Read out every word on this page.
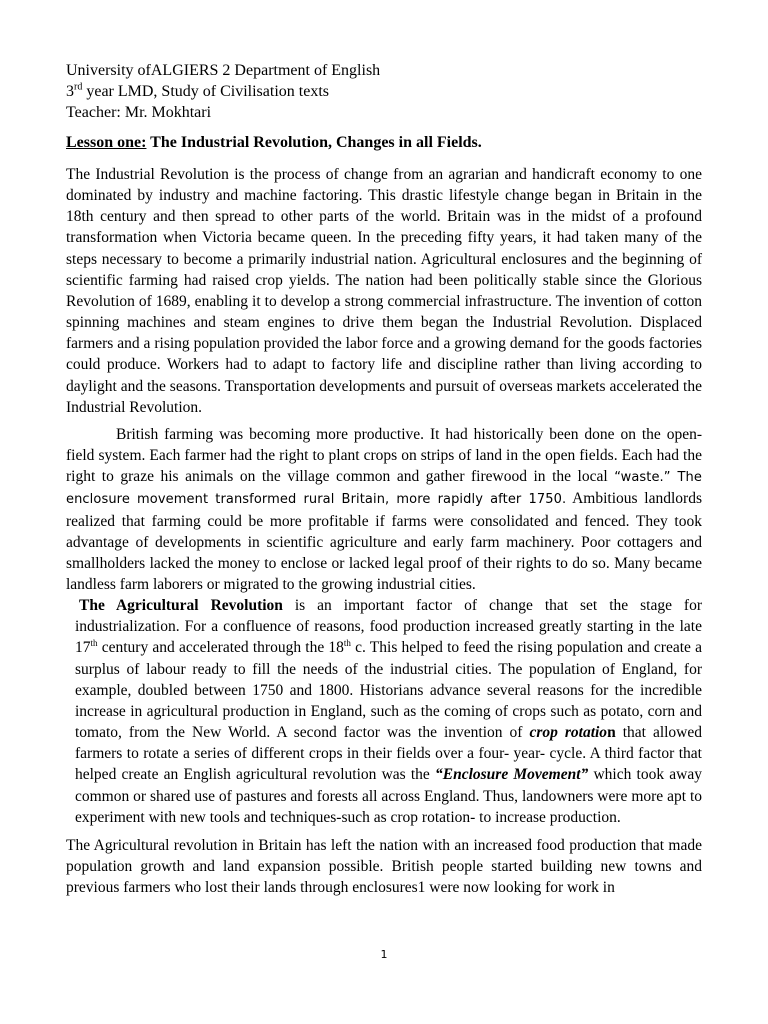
University ofALGIERS 2 Department of English

3rd year LMD, Study of Civilisation texts

Teacher: Mr. Mokhtari

Lesson one: The Industrial Revolution, Changes in all Fields.

The Industrial Revolution is the process of change from an agrarian and handicraft economy to one dominated by industry and machine factoring. This drastic lifestyle change began in Britain in the 18th century and then spread to other parts of the world. Britain was in the midst of a profound transformation when Victoria became queen. In the preceding fifty years, it had taken many of the steps necessary to become a primarily industrial nation. Agricultural enclosures and the beginning of scientific farming had raised crop yields. The nation had been politically stable since the Glorious Revolution of 1689, enabling it to develop a strong commercial infrastructure. The invention of cotton spinning machines and steam engines to drive them began the Industrial Revolution. Displaced farmers and a rising population provided the labor force and a growing demand for the goods factories could produce. Workers had to adapt to factory life and discipline rather than living according to daylight and the seasons. Transportation developments and pursuit of overseas markets accelerated the Industrial Revolution.

British farming was becoming more productive. It had historically been done on the open-field system. Each farmer had the right to plant crops on strips of land in the open fields. Each had the right to graze his animals on the village common and gather firewood in the local “waste.” The enclosure movement transformed rural Britain, more rapidly after 1750. Ambitious landlords realized that farming could be more profitable if farms were consolidated and fenced. They took advantage of developments in scientific agriculture and early farm machinery. Poor cottagers and smallholders lacked the money to enclose or lacked legal proof of their rights to do so. Many became landless farm laborers or migrated to the growing industrial cities.

The Agricultural Revolution is an important factor of change that set the stage for industrialization. For a confluence of reasons, food production increased greatly starting in the late 17th century and accelerated through the 18th c. This helped to feed the rising population and create a surplus of labour ready to fill the needs of the industrial cities. The population of England, for example, doubled between 1750 and 1800. Historians advance several reasons for the incredible increase in agricultural production in England, such as the coming of crops such as potato, corn and tomato, from the New World. A second factor was the invention of crop rotation that allowed farmers to rotate a series of different crops in their fields over a four- year- cycle. A third factor that helped create an English agricultural revolution was the “Enclosure Movement” which took away common or shared use of pastures and forests all across England. Thus, landowners were more apt to experiment with new tools and techniques-such as crop rotation- to increase production.

The Agricultural revolution in Britain has left the nation with an increased food production that made population growth and land expansion possible. British people started building new towns and previous farmers who lost their lands through enclosures1 were now looking for work in

1
